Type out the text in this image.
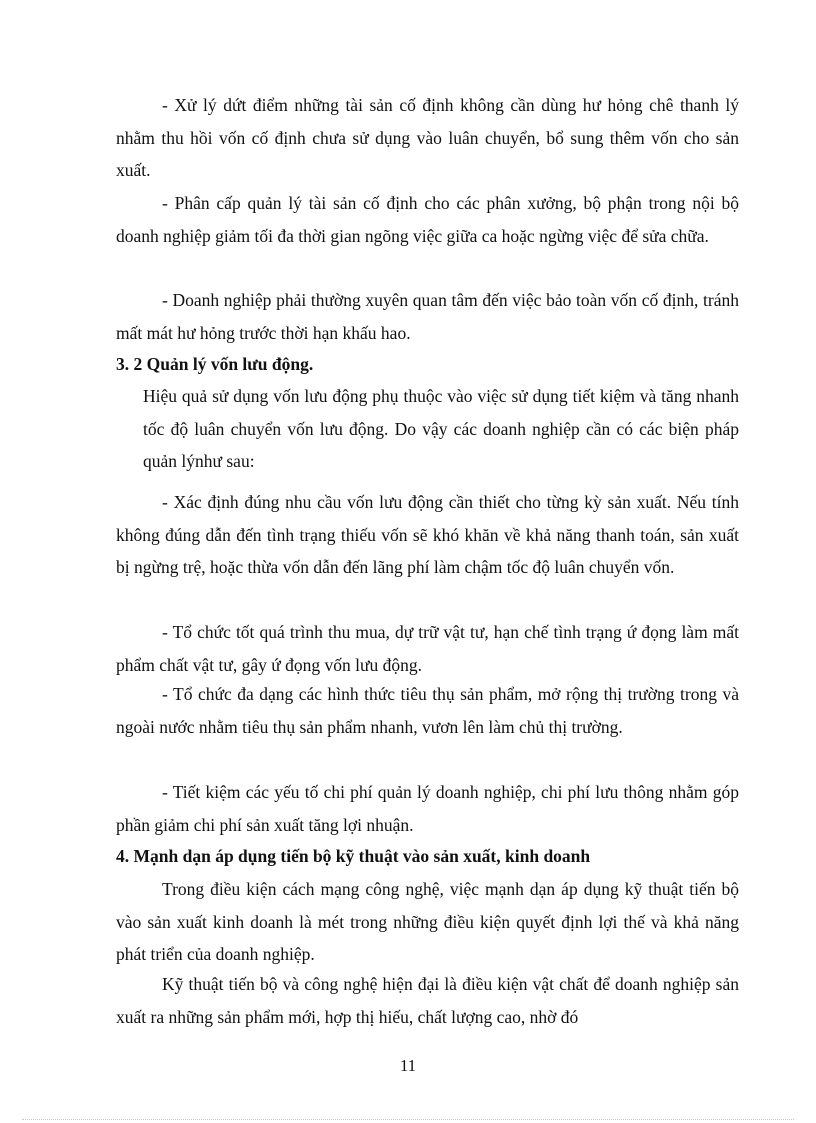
- Xử lý dứt điểm những tài sản cố định không cần dùng hư hỏng chê thanh lý nhằm thu hồi vốn cố định chưa sử dụng vào luân chuyển, bổ sung thêm vốn cho sản xuất.

- Phân cấp quản lý tài sản cố định cho các phân xưởng, bộ phận trong nội bộ doanh nghiệp giảm tối đa thời gian ngõng việc giữa ca hoặc ngừng việc để sửa chữa.

- Doanh nghiệp phải thường xuyên quan tâm đến việc bảo toàn vốn cố định, tránh mất mát hư hỏng trước thời hạn khấu hao.

3. 2 Quản lý vốn lưu động.

Hiệu quả sử dụng vốn lưu động phụ thuộc vào việc sử dụng tiết kiệm và tăng nhanh tốc độ luân chuyển vốn lưu động. Do vậy các doanh nghiệp cần có các biện pháp quản lýnhư sau:

- Xác định đúng nhu cầu vốn lưu động cần thiết cho từng kỳ sản xuất. Nếu tính không đúng dẫn đến tình trạng thiếu vốn sẽ khó khăn về khả năng thanh toán, sản xuất bị ngừng trệ, hoặc thừa vốn dẫn đến lãng phí làm chậm tốc độ luân chuyển vốn.

- Tổ chức tốt quá trình thu mua, dự trữ vật tư, hạn chế tình trạng ứ đọng làm mất phẩm chất vật tư, gây ứ đọng vốn lưu động.

- Tổ chức đa dạng các hình thức tiêu thụ sản phẩm, mở rộng thị trường trong và ngoài nước nhằm tiêu thụ sản phẩm nhanh, vươn lên làm chủ thị trường.

- Tiết kiệm các yếu tố chi phí quản lý doanh nghiệp, chi phí lưu thông nhằm góp phần giảm chi phí sản xuất tăng lợi nhuận.

4. Mạnh dạn áp dụng tiến bộ kỹ thuật vào sản xuất, kinh doanh

Trong điều kiện cách mạng công nghệ, việc mạnh dạn áp dụng kỹ thuật tiến bộ vào sản xuất kinh doanh là mét trong những điều kiện quyết định lợi thế và khả năng phát triển của doanh nghiệp.

Kỹ thuật tiến bộ và công nghệ hiện đại là điều kiện vật chất để doanh nghiệp sản xuất ra những sản phẩm mới, hợp thị hiếu, chất lượng cao, nhờ đó

11
